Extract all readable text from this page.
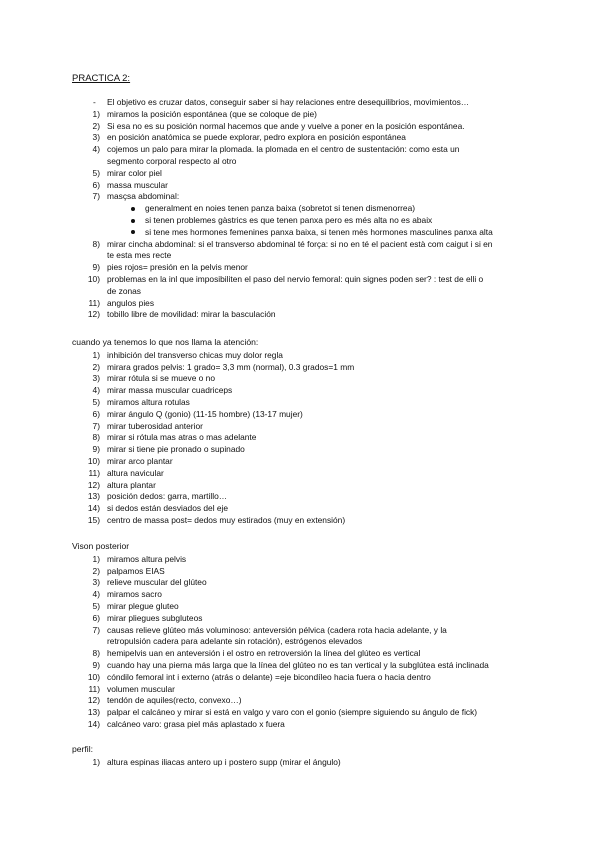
PRACTICA 2:
- El objetivo es cruzar datos, conseguir saber si hay relaciones entre desequilibrios, movimientos…
1) miramos la posición espontánea (que se coloque de pie)
2) Si esa no es su posición normal hacemos que ande y vuelve a poner en la posición espontánea.
3) en posición anatómica se puede explorar, pedro explora en posición espontánea
4) cojemos un palo para mirar la plomada. la plomada en el centro de sustentación: como esta un
segmento corporal respecto al otro
5) mirar color piel
6) massa muscular
7) masçsa abdominal:
generalment en noies tenen panza baixa (sobretot si tenen dismenorrea)
si tenen problemes gàstrics es que tenen panxa pero es més alta no es abaix
si tene mes hormones femenines panxa baixa, si tenen mès hormones masculines panxa alta
8) mirar cincha abdominal: si el transverso abdominal té força: si no en té el pacient està com caigut i si en
te esta mes recte
9) pies rojos= presión en la pelvis menor
10) problemas en la inl que imposibiliten el paso del nervio femoral: quin signes poden ser? : test de elli o
de zonas
11) angulos pies
12) tobillo libre de movilidad: mirar la basculación
cuando ya tenemos lo que nos llama la atención:
1) inhibición del transverso chicas muy dolor regla
2) mirara grados pelvis: 1 grado= 3,3 mm (normal), 0.3 grados=1 mm
3) mirar rótula si se mueve o no
4) mirar massa muscular cuadriceps
5) miramos altura rotulas
6) mirar ángulo Q (gonio) (11-15 hombre) (13-17 mujer)
7) mirar tuberosidad anterior
8) mirar si rótula mas atras o mas adelante
9) mirar si tiene pie pronado o supinado
10) mirar arco plantar
11) altura navicular
12) altura plantar
13) posición dedos: garra, martillo…
14) si dedos están desviados del eje
15) centro de massa post= dedos muy estirados (muy en extensión)
Vison posterior
1) miramos altura pelvis
2) palpamos EIAS
3) relieve muscular del glúteo
4) miramos sacro
5) mirar plegue gluteo
6) mirar pliegues subgluteos
7) causas relieve glúteo más voluminoso: anteversión pélvica (cadera rota hacia adelante, y la
retropulsión cadera para adelante sin rotación), estrógenos elevados
8) hemipelvis uan en anteversión i el ostro en retroversión la línea del glúteo es vertical
9) cuando hay una pierna más larga que la línea del glúteo no es tan vertical y la subglútea está inclinada
10) cóndilo femoral int i externo (atrás o delante) =eje bicondíleo hacia fuera o hacia dentro
11) volumen muscular
12) tendón de aquiles(recto, convexo…)
13) palpar el calcáneo y mirar si está en valgo y varo con el gonio (siempre siguiendo su ángulo de fick)
14) calcáneo varo: grasa piel más aplastado x fuera
perfil:
1) altura espinas iliacas antero up i postero supp (mirar el ángulo)
